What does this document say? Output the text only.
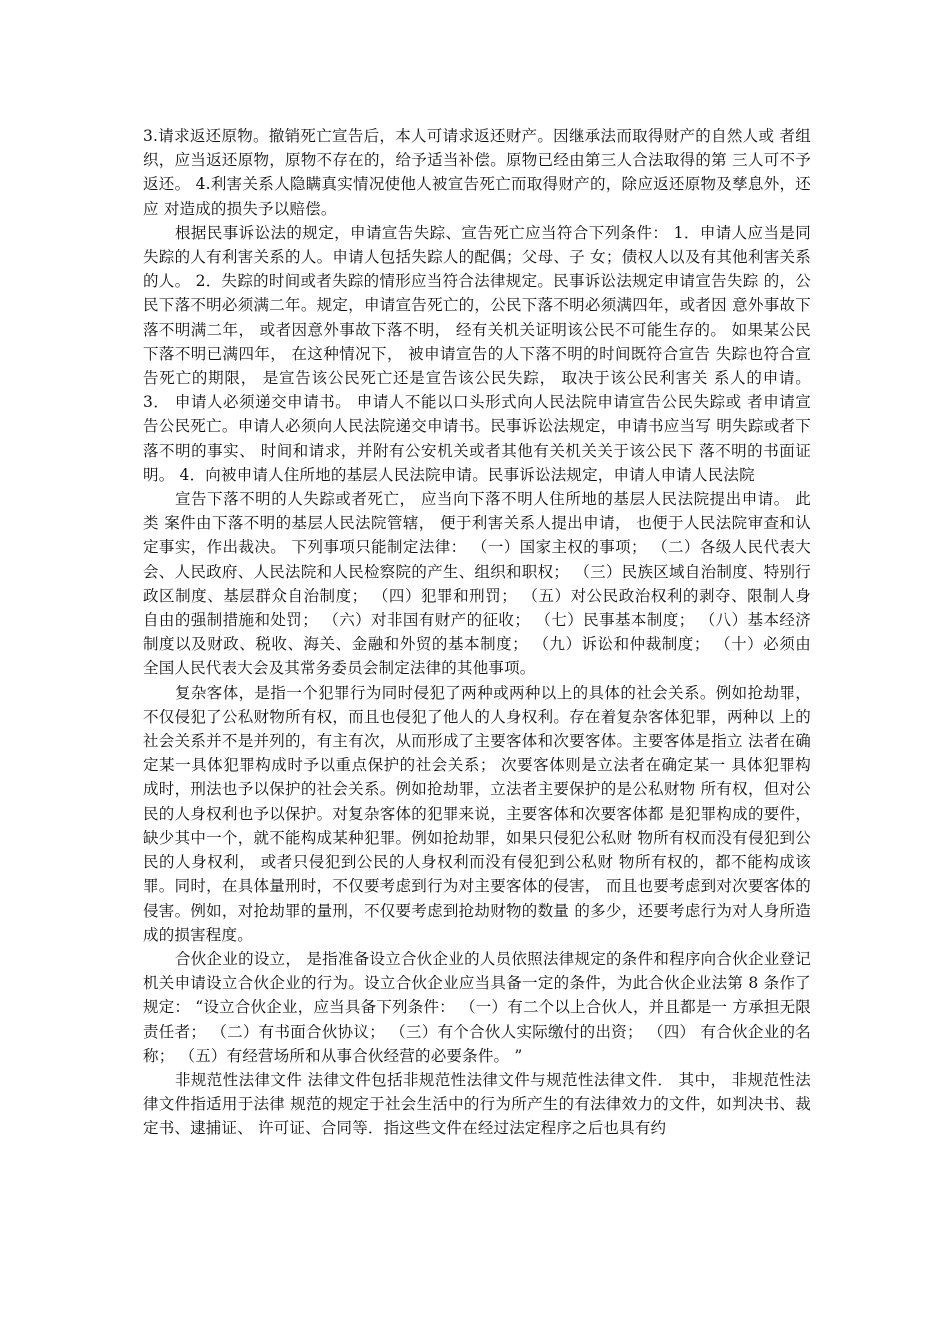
3.请求返还原物。撤销死亡宣告后，本人可请求返还财产。因继承法而取得财产的自然人或 者组织，应当返还原物，原物不存在的，给予适当补偿。原物已经由第三人合法取得的第 三人可不予返还。 4.利害关系人隐瞒真实情况使他人被宣告死亡而取得财产的，除应返还原物及孳息外，还应 对造成的损失予以赔偿。

根据民事诉讼法的规定，申请宣告失踪、宣告死亡应当符合下列条件： 1．申请人应当是同失踪的人有利害关系的人。申请人包括失踪人的配偶；父母、子 女；债权人以及有其他利害关系的人。 2．失踪的时间或者失踪的情形应当符合法律规定。民事诉讼法规定申请宣告失踪 的，公民下落不明必须满二年。规定，申请宣告死亡的，公民下落不明必须满四年，或者因 意外事故下落不明满二年， 或者因意外事故下落不明， 经有关机关证明该公民不可能生存的。 如果某公民下落不明已满四年， 在这种情况下， 被申请宣告的人下落不明的时间既符合宣告 失踪也符合宣告死亡的期限， 是宣告该公民死亡还是宣告该公民失踪， 取决于该公民利害关 系人的申请。 3． 申请人必须递交申请书。 申请人不能以口头形式向人民法院申请宣告公民失踪或 者申请宣告公民死亡。申请人必须向人民法院递交申请书。民事诉讼法规定，申请书应当写 明失踪或者下落不明的事实、 时间和请求，并附有公安机关或者其他有关机关关于该公民下 落不明的书面证明。 4．向被申请人住所地的基层人民法院申请。民事诉讼法规定，申请人申请人民法院

宣告下落不明的人失踪或者死亡， 应当向下落不明人住所地的基层人民法院提出申请。 此类 案件由下落不明的基层人民法院管辖， 便于利害关系人提出申请， 也便于人民法院审查和认 定事实，作出裁决。 下列事项只能制定法律： （一）国家主权的事项； （二）各级人民代表大会、人民政府、人民法院和人民检察院的产生、组织和职权； （三）民族区域自治制度、特别行政区制度、基层群众自治制度； （四）犯罪和刑罚； （五）对公民政治权利的剥夺、限制人身自由的强制措施和处罚； （六）对非国有财产的征收； （七）民事基本制度； （八）基本经济制度以及财政、税收、海关、金融和外贸的基本制度； （九）诉讼和仲裁制度； （十）必须由全国人民代表大会及其常务委员会制定法律的其他事项。

复杂客体，是指一个犯罪行为同时侵犯了两种或两种以上的具体的社会关系。例如抢劫罪， 不仅侵犯了公私财物所有权，而且也侵犯了他人的人身权利。存在着复杂客体犯罪，两种以 上的社会关系并不是并列的，有主有次，从而形成了主要客体和次要客体。主要客体是指立 法者在确定某一具体犯罪构成时予以重点保护的社会关系； 次要客体则是立法者在确定某一 具体犯罪构成时，刑法也予以保护的社会关系。例如抢劫罪，立法者主要保护的是公私财物 所有权，但对公民的人身权利也予以保护。对复杂客体的犯罪来说，主要客体和次要客体都 是犯罪构成的要件，缺少其中一个，就不能构成某种犯罪。例如抢劫罪，如果只侵犯公私财 物所有权而没有侵犯到公民的人身权利， 或者只侵犯到公民的人身权利而没有侵犯到公私财 物所有权的，都不能构成该罪。同时，在具体量刑时，不仅要考虑到行为对主要客体的侵害， 而且也要考虑到对次要客体的侵害。例如，对抢劫罪的量刑，不仅要考虑到抢劫财物的数量 的多少，还要考虑行为对人身所造成的损害程度。

合伙企业的设立， 是指准备设立合伙企业的人员依照法律规定的条件和程序向合伙企业登记 机关申请设立合伙企业的行为。设立合伙企业应当具备一定的条件，为此合伙企业法第 8 条作了规定： “设立合伙企业，应当具备下列条件： （一）有二个以上合伙人，并且都是一 方承担无限责任者； （二）有书面合伙协议； （三）有个合伙人实际缴付的出资； （四） 有合伙企业的名称； （五）有经营场所和从事合伙经营的必要条件。 ”

非规范性法律文件 法律文件包括非规范性法律文件与规范性法律文件． 其中， 非规范性法律文件指适用于法律 规范的规定于社会生活中的行为所产生的有法律效力的文件，如判决书、裁定书、逮捕证、 许可证、合同等．指这些文件在经过法定程序之后也具有约
